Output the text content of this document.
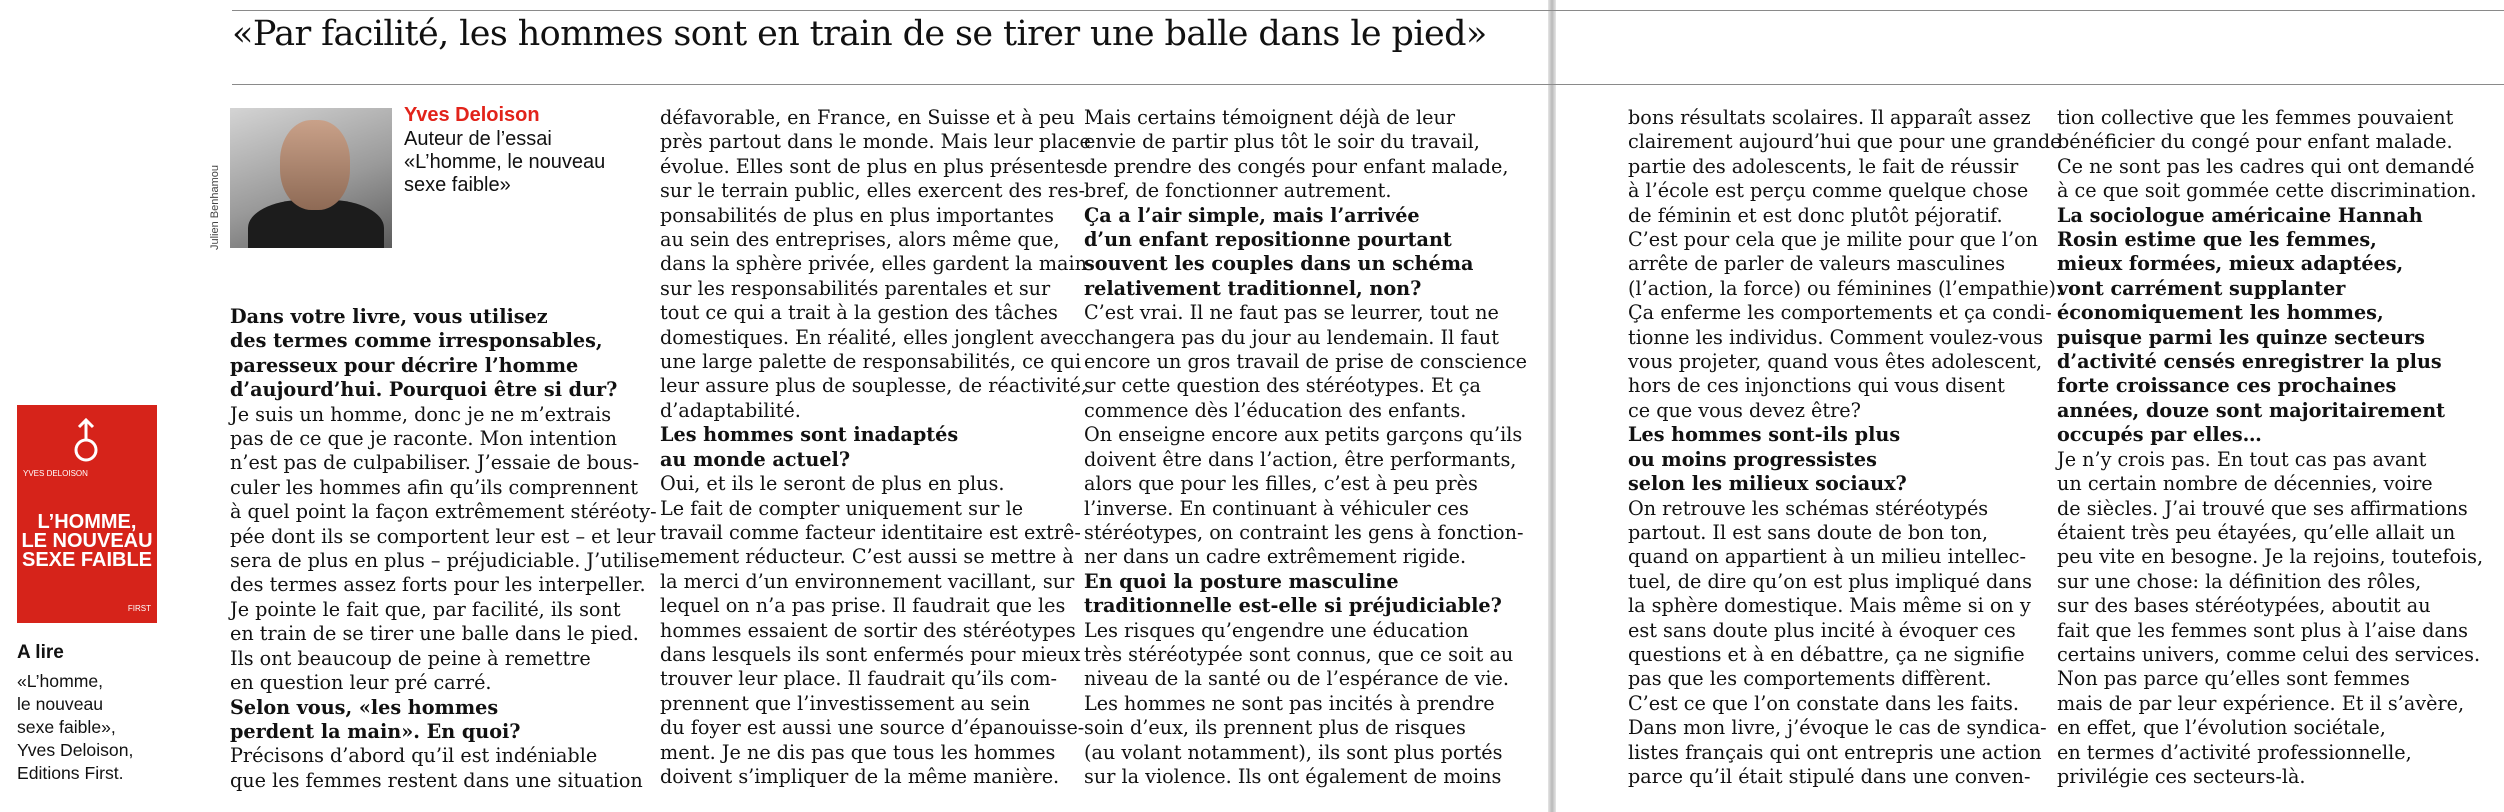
«Par facilité, les hommes sont en train de se tirer une balle dans le pied»
Julien Benhamou
Yves Deloison
Auteur de l’essai
«L’homme, le nouveau
sexe faible»
YVES DELOISON
L’HOMME,
LE NOUVEAU
SEXE FAIBLE
FIRST
A lire
«L’homme,
le nouveau
sexe faible»,
Yves Deloison,
Editions First.
Dans votre livre, vous utilisez
des termes comme irresponsables,
paresseux pour décrire l’homme
d’aujourd’hui. Pourquoi être si dur?
Je suis un homme, donc je ne m’extrais
pas de ce que je raconte. Mon intention
n’est pas de culpabiliser. J’essaie de bous-
culer les hommes afin qu’ils comprennent
à quel point la façon extrêmement stéréoty-
pée dont ils se comportent leur est – et leur
sera de plus en plus – préjudiciable. J’utilise
des termes assez forts pour les interpeller.
Je pointe le fait que, par facilité, ils sont
en train de se tirer une balle dans le pied.
Ils ont beaucoup de peine à remettre
en question leur pré carré.
Selon vous, «les hommes
perdent la main». En quoi?
Précisons d’abord qu’il est indéniable
que les femmes restent dans une situation
défavorable, en France, en Suisse et à peu
près partout dans le monde. Mais leur place
évolue. Elles sont de plus en plus présentes
sur le terrain public, elles exercent des res-
ponsabilités de plus en plus importantes
au sein des entreprises, alors même que,
dans la sphère privée, elles gardent la main
sur les responsabilités parentales et sur
tout ce qui a trait à la gestion des tâches
domestiques. En réalité, elles jonglent avec
une large palette de responsabilités, ce qui
leur assure plus de souplesse, de réactivité,
d’adaptabilité.
Les hommes sont inadaptés
au monde actuel?
Oui, et ils le seront de plus en plus.
Le fait de compter uniquement sur le
travail comme facteur identitaire est extrê-
mement réducteur. C’est aussi se mettre à
la merci d’un environnement vacillant, sur
lequel on n’a pas prise. Il faudrait que les
hommes essaient de sortir des stéréotypes
dans lesquels ils sont enfermés pour mieux
trouver leur place. Il faudrait qu’ils com-
prennent que l’investissement au sein
du foyer est aussi une source d’épanouisse-
ment. Je ne dis pas que tous les hommes
doivent s’impliquer de la même manière.
Mais certains témoignent déjà de leur
envie de partir plus tôt le soir du travail,
de prendre des congés pour enfant malade,
bref, de fonctionner autrement.
Ça a l’air simple, mais l’arrivée
d’un enfant repositionne pourtant
souvent les couples dans un schéma
relativement traditionnel, non?
C’est vrai. Il ne faut pas se leurrer, tout ne
changera pas du jour au lendemain. Il faut
encore un gros travail de prise de conscience
sur cette question des stéréotypes. Et ça
commence dès l’éducation des enfants.
On enseigne encore aux petits garçons qu’ils
doivent être dans l’action, être performants,
alors que pour les filles, c’est à peu près
l’inverse. En continuant à véhiculer ces
stéréotypes, on contraint les gens à fonction-
ner dans un cadre extrêmement rigide.
En quoi la posture masculine
traditionnelle est-elle si préjudiciable?
Les risques qu’engendre une éducation
très stéréotypée sont connus, que ce soit au
niveau de la santé ou de l’espérance de vie.
Les hommes ne sont pas incités à prendre
soin d’eux, ils prennent plus de risques
(au volant notamment), ils sont plus portés
sur la violence. Ils ont également de moins
bons résultats scolaires. Il apparaît assez
clairement aujourd’hui que pour une grande
partie des adolescents, le fait de réussir
à l’école est perçu comme quelque chose
de féminin et est donc plutôt péjoratif.
C’est pour cela que je milite pour que l’on
arrête de parler de valeurs masculines
(l’action, la force) ou féminines (l’empathie).
Ça enferme les comportements et ça condi-
tionne les individus. Comment voulez-vous
vous projeter, quand vous êtes adolescent,
hors de ces injonctions qui vous disent
ce que vous devez être?
Les hommes sont-ils plus
ou moins progressistes
selon les milieux sociaux?
On retrouve les schémas stéréotypés
partout. Il est sans doute de bon ton,
quand on appartient à un milieu intellec-
tuel, de dire qu’on est plus impliqué dans
la sphère domestique. Mais même si on y
est sans doute plus incité à évoquer ces
questions et à en débattre, ça ne signifie
pas que les comportements diffèrent.
C’est ce que l’on constate dans les faits.
Dans mon livre, j’évoque le cas de syndica-
listes français qui ont entrepris une action
parce qu’il était stipulé dans une conven-
tion collective que les femmes pouvaient
bénéficier du congé pour enfant malade.
Ce ne sont pas les cadres qui ont demandé
à ce que soit gommée cette discrimination.
La sociologue américaine Hannah
Rosin estime que les femmes,
mieux formées, mieux adaptées,
vont carrément supplanter
économiquement les hommes,
puisque parmi les quinze secteurs
d’activité censés enregistrer la plus
forte croissance ces prochaines
années, douze sont majoritairement
occupés par elles…
Je n’y crois pas. En tout cas pas avant
un certain nombre de décennies, voire
de siècles. J’ai trouvé que ses affirmations
étaient très peu étayées, qu’elle allait un
peu vite en besogne. Je la rejoins, toutefois,
sur une chose: la définition des rôles,
sur des bases stéréotypées, aboutit au
fait que les femmes sont plus à l’aise dans
certains univers, comme celui des services.
Non pas parce qu’elles sont femmes
mais de par leur expérience. Et il s’avère,
en effet, que l’évolution sociétale,
en termes d’activité professionnelle,
privilégie ces secteurs-là.
